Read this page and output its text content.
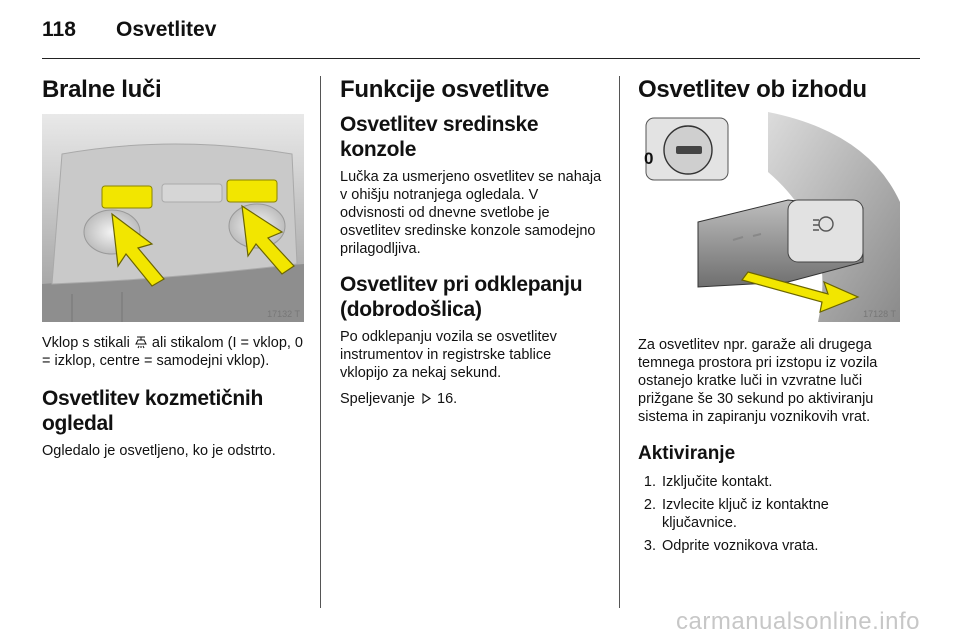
118 Osvetlitev
Bralne luči
17132 T

Vklop s stikali  ali stikalom (I = vklop, 0 = izklop, centre = samodejni vklop).

Osvetlitev kozmetičnih ogledal

Ogledalo je osvetljeno, ko je odstrto.

Funkcije osvetlitve
Osvetlitev sredinske konzole

Lučka za usmerjeno osvetlitev se nahaja v ohišju notranjega ogledala. V odvisnosti od dnevne svetlobe je osvetlitev sredinske konzole samodejno prilagodljiva.

Osvetlitev pri odklepanju (dobrodošlica)

Po odklepanju vozila se osvetlitev instrumentov in registrske tablice vklopijo za nekaj sekund.

Speljevanje  16.

Osvetlitev ob izhodu
0
17128 T

Za osvetlitev npr. garaže ali drugega temnega prostora pri izstopu iz vozila ostanejo kratke luči in vzvratne luči prižgane še 30 sekund po aktiviranju sistema in zapiranju voznikovih vrat.

Aktiviranje
1. Izključite kontakt.
2. Izvlecite ključ iz kontaktne ključavnice.
3. Odprite voznikova vrata.
carmanualsonline.info
